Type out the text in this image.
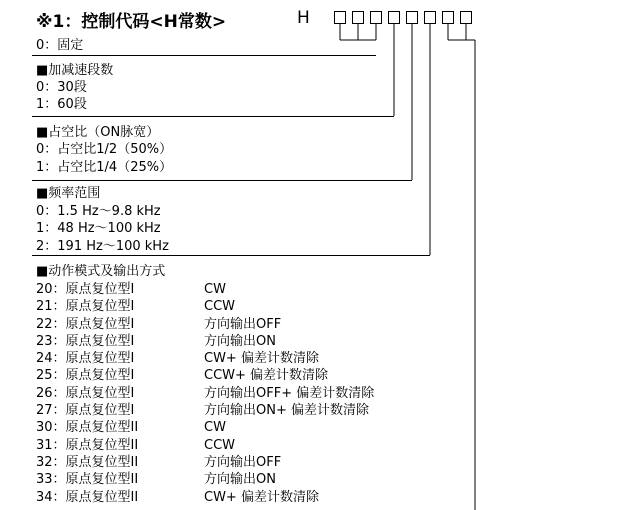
※1：控制代码<H常数>	H
0：固定
■加减速段数
0：30段
1：60段
■占空比（ON脉宽）
0：占空比1/2（50%）
1：占空比1/4（25%）
■频率范围
0：1.5 Hz～9.8 kHz
1：48 Hz～100 kHz
2：191 Hz～100 kHz
■动作模式及输出方式
20：原点复位型I	CW
21：原点复位型I	CCW
22：原点复位型I	方向输出OFF
23：原点复位型I	方向输出ON
24：原点复位型I	CW+ 偏差计数清除
25：原点复位型I	CCW+ 偏差计数清除
26：原点复位型I	方向输出OFF+ 偏差计数清除
27：原点复位型I	方向输出ON+ 偏差计数清除
30：原点复位型II	CW
31：原点复位型II	CCW
32：原点复位型II	方向输出OFF
33：原点复位型II	方向输出ON
34：原点复位型II	CW+ 偏差计数清除
